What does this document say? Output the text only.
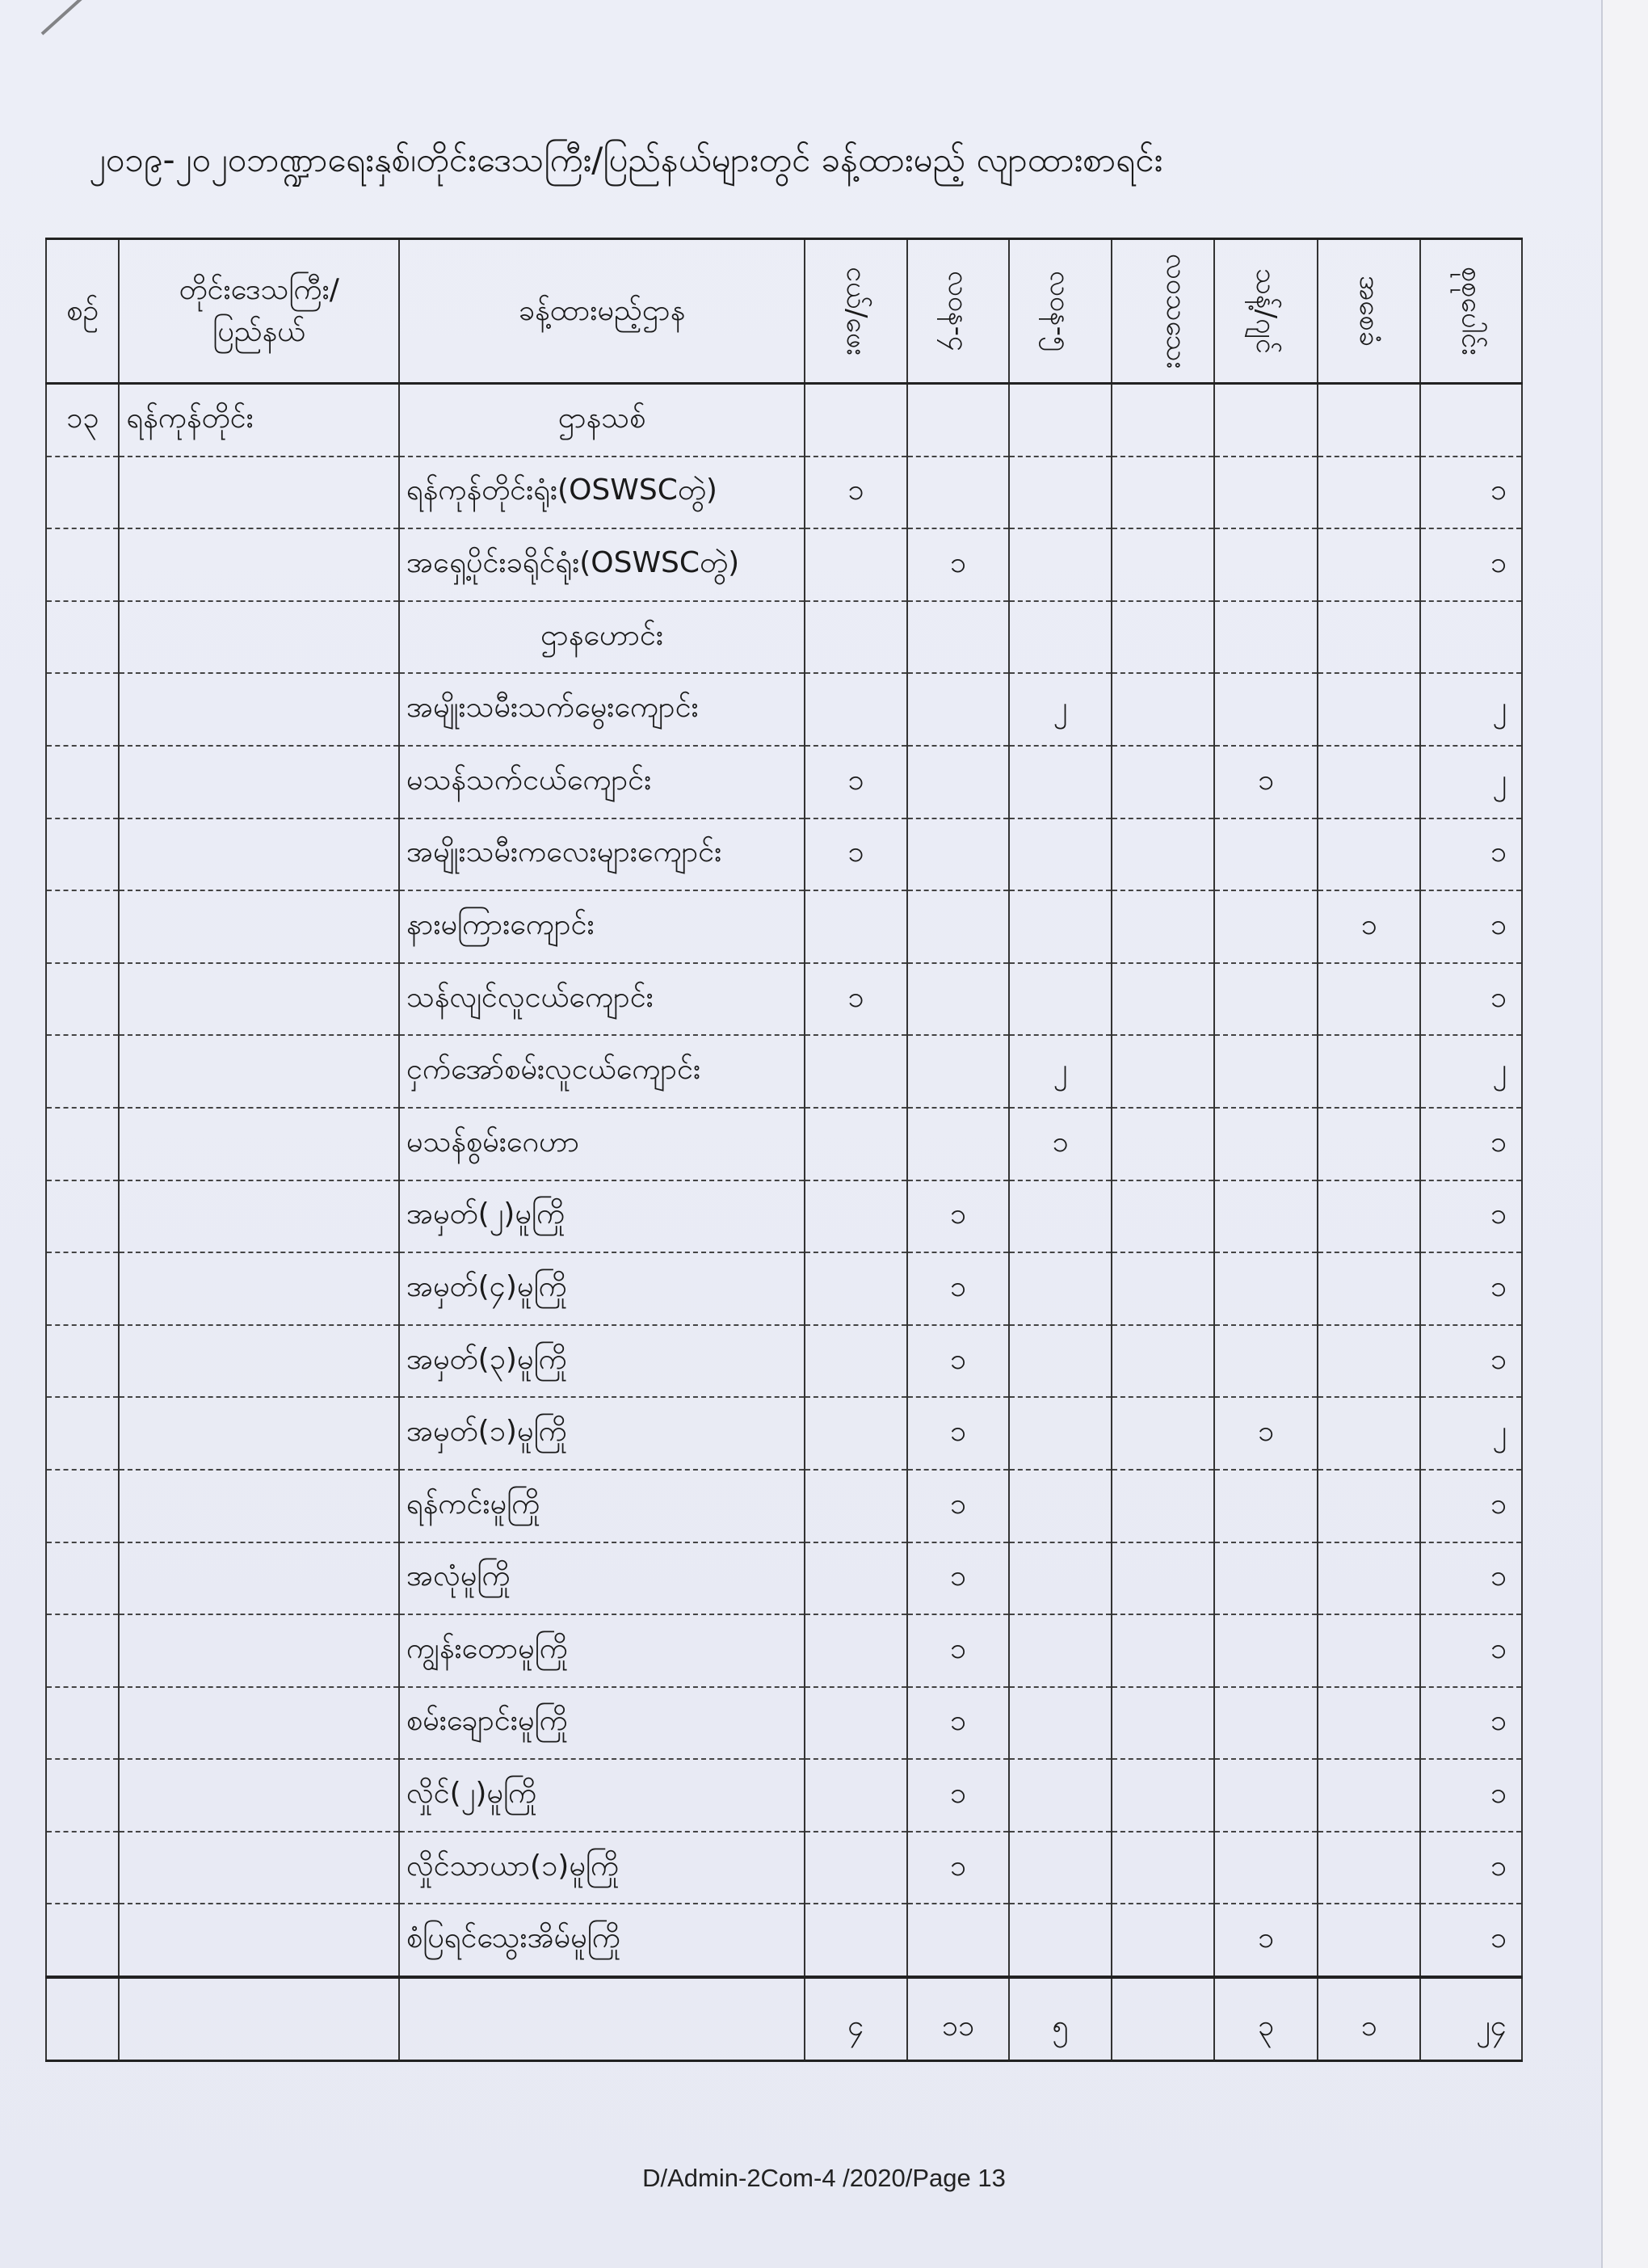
၂၀၁၉-၂၀၂၀ဘဏ္ဍာရေးနှစ်၊တိုင်းဒေသကြီး/ပြည်နယ်များတွင် ခန့်ထားမည့် လျာထားစာရင်း
စဉ်	တိုင်းဒေသကြီး/ ပြည်နယ်	ခန့်ထားမည့်ဌာန	ငယ်/ဖေး	လဝန-၄	လဝန-၅	လဝသသေး	သန့်/ဂျင်	အစေခံ	စုစုပေါင်း
၁၃	ရန်ကုန်တိုင်း	ဌာနသစ်							
		ရန်ကုန်တိုင်းရုံး(OSWSCတွဲ)	၁						၁
		အရှေ့ပိုင်းခရိုင်ရုံး(OSWSCတွဲ)		၁					၁
		ဌာနဟောင်း							
		အမျိုးသမီးသက်မွေးကျောင်း			၂				၂
		မသန်သက်ငယ်ကျောင်း	၁				၁		၂
		အမျိုးသမီးကလေးများကျောင်း	၁						၁
		နားမကြားကျောင်း						၁	၁
		သန်လျင်လူငယ်ကျောင်း	၁						၁
		ငှက်အော်စမ်းလူငယ်ကျောင်း			၂				၂
		မသန်စွမ်းဂေဟာ			၁				၁
		အမှတ်(၂)မူကြို		၁					၁
		အမှတ်(၄)မူကြို		၁					၁
		အမှတ်(၃)မူကြို		၁					၁
		အမှတ်(၁)မူကြို		၁			၁		၂
		ရန်ကင်းမူကြို		၁					၁
		အလုံမူကြို		၁					၁
		ကျွန်းတောမူကြို		၁					၁
		စမ်းချောင်းမူကြို		၁					၁
		လှိုင်(၂)မူကြို		၁					၁
		လှိုင်သာယာ(၁)မူကြို		၁					၁
		စံပြရင်သွေးအိမ်မူကြို					၁		၁
			၄	၁၁	၅		၃	၁	၂၄
D/Admin-2Com-4 /2020/Page 13
